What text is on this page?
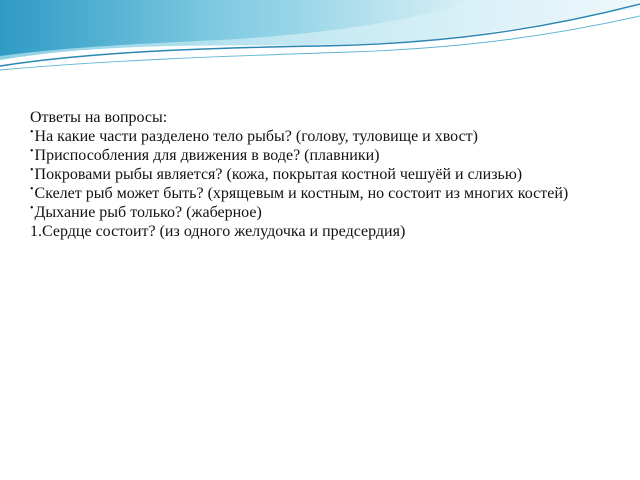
Ответы на вопросы:

•На какие части разделено тело рыбы? (голову, туловище и хвост)
•Приспособления для движения в воде? (плавники)
•Покровами рыбы является? (кожа, покрытая костной чешуёй и слизью)
•Скелет рыб может быть? (хрящевым и костным, но состоит из многих костей)
•Дыхание рыб только? (жаберное)

1.Сердце состоит? (из одного желудочка и предсердия)
